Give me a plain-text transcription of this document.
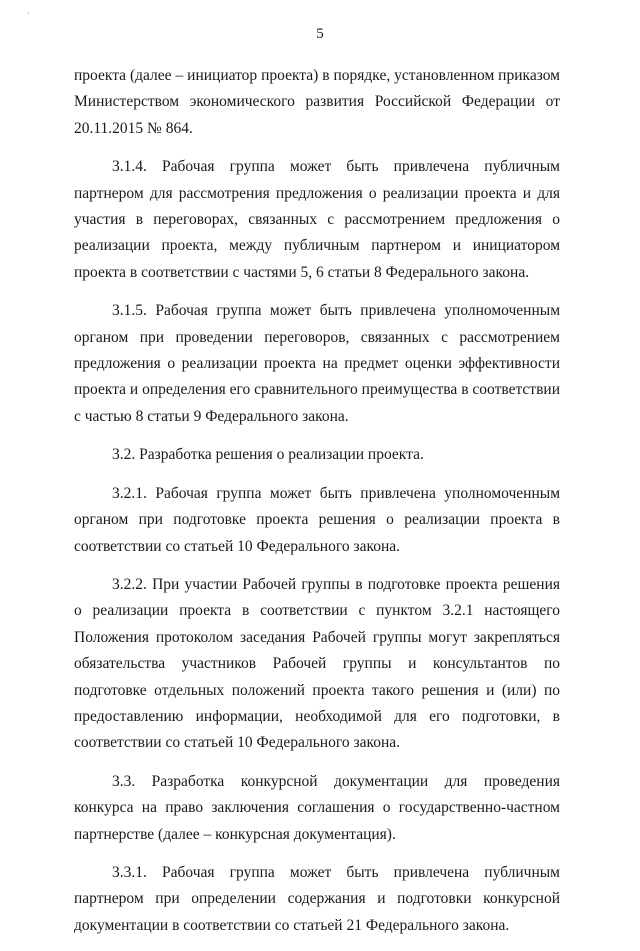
·
5

проекта (далее – инициатор проекта) в порядке, установленном приказом Министерством экономического развития Российской Федерации от 20.11.2015 № 864.

3.1.4. Рабочая группа может быть привлечена публичным партнером для рассмотрения предложения о реализации проекта и для участия в переговорах, связанных с рассмотрением предложения о реализации проекта, между публичным партнером и инициатором проекта в соответствии с частями 5, 6 статьи 8 Федерального закона.

3.1.5. Рабочая группа может быть привлечена уполномоченным органом при проведении переговоров, связанных с рассмотрением предложения о реализации проекта на предмет оценки эффективности проекта и определения его сравнительного преимущества в соответствии с частью 8 статьи 9 Федерального закона.

3.2. Разработка решения о реализации проекта.

3.2.1. Рабочая группа может быть привлечена уполномоченным органом при подготовке проекта решения о реализации проекта в соответствии со статьей 10 Федерального закона.

3.2.2. При участии Рабочей группы в подготовке проекта решения о реализации проекта в соответствии с пунктом 3.2.1 настоящего Положения протоколом заседания Рабочей группы могут закрепляться обязательства участников Рабочей группы и консультантов по подготовке отдельных положений проекта такого решения и (или) по предоставлению информации, необходимой для его подготовки, в соответствии со статьей 10 Федерального закона.

3.3. Разработка конкурсной документации для проведения конкурса на право заключения соглашения о государственно-частном партнерстве (далее – конкурсная документация).

3.3.1. Рабочая группа может быть привлечена публичным партнером при определении содержания и подготовки конкурсной документации в соответствии со статьей 21 Федерального закона.
